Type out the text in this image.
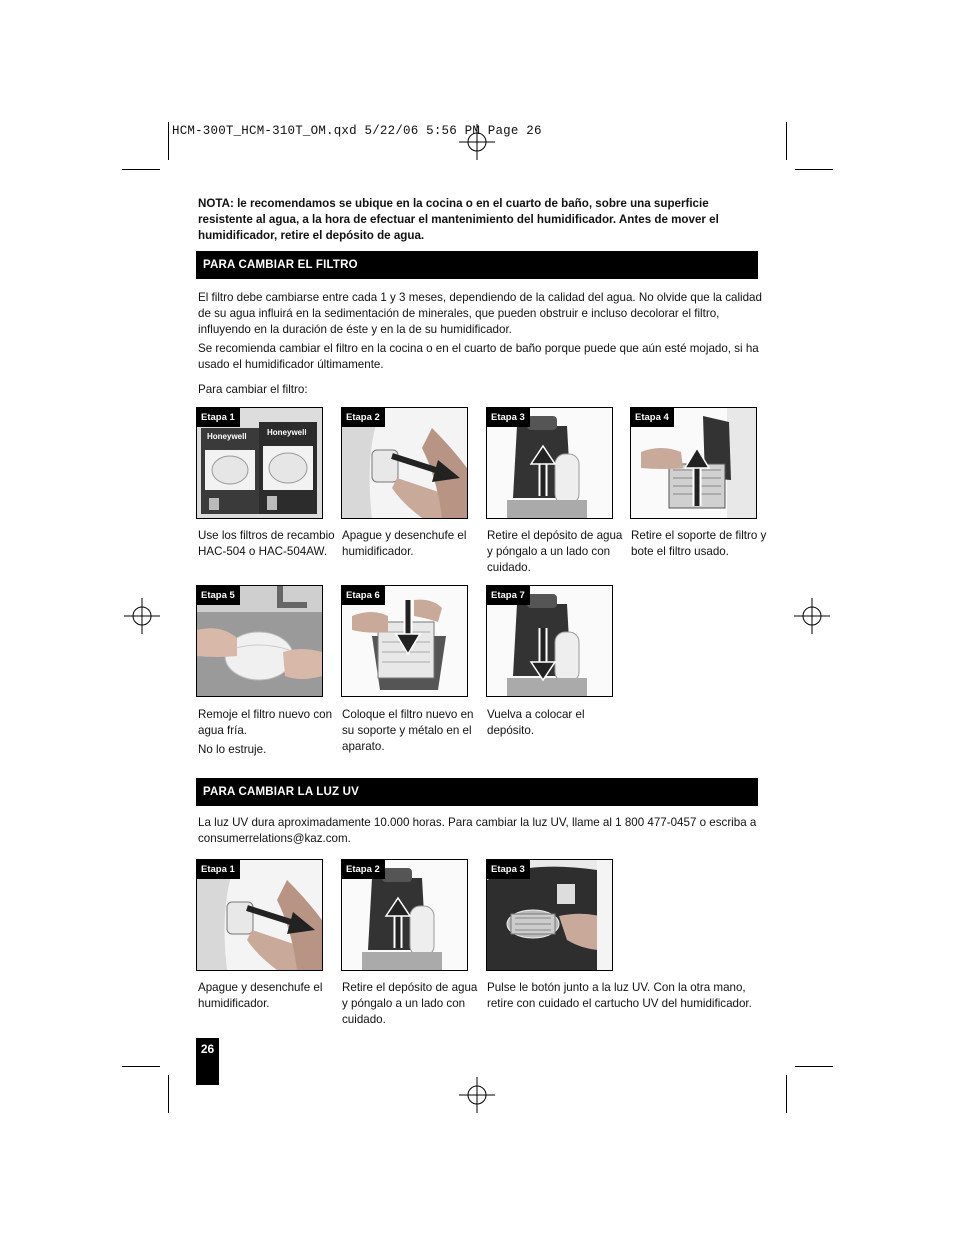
HCM-300T_HCM-310T_OM.qxd 5/22/06 5:56 PM Page 26
NOTA: le recomendamos se ubique en la cocina o en el cuarto de baño, sobre una superficie resistente al agua, a la hora de efectuar el mantenimiento del humidificador. Antes de mover el humidificador, retire el depósito de agua.
PARA CAMBIAR EL FILTRO
El filtro debe cambiarse entre cada 1 y 3 meses, dependiendo de la calidad del agua. No olvide que la calidad de su agua influirá en la sedimentación de minerales, que pueden obstruir e incluso decolorar el filtro, influyendo en la duración de éste y en la de su humidificador.
Se recomienda cambiar el filtro en la cocina o en el cuarto de baño porque puede que aún esté mojado, si ha usado el humidificador últimamente.
Para cambiar el filtro:
Etapa 1
Honeywell	Honeywell
Use los filtros de recambio HAC-504 o HAC-504AW.
Etapa 2
Apague y desenchufe el humidificador.
Etapa 3
Retire el depósito de agua y póngalo a un lado con cuidado.
Etapa 4
Retire el soporte de filtro y bote el filtro usado.
Etapa 5
Remoje el filtro nuevo con agua fría.
No lo estruje.
Etapa 6
Coloque el filtro nuevo en su soporte y métalo en el aparato.
Etapa 7
Vuelva a colocar el depósito.
PARA CAMBIAR LA LUZ UV
La luz UV dura aproximadamente 10.000 horas. Para cambiar la luz UV, llame al 1 800 477-0457 o escriba a consumerrelations@kaz.com.
Etapa 1
Apague y desenchufe el humidificador.
Etapa 2
Retire el depósito de agua y póngalo a un lado con cuidado.
Etapa 3
Pulse le botón junto a la luz UV. Con la otra mano, retire con cuidado el cartucho UV del humidificador.
26
